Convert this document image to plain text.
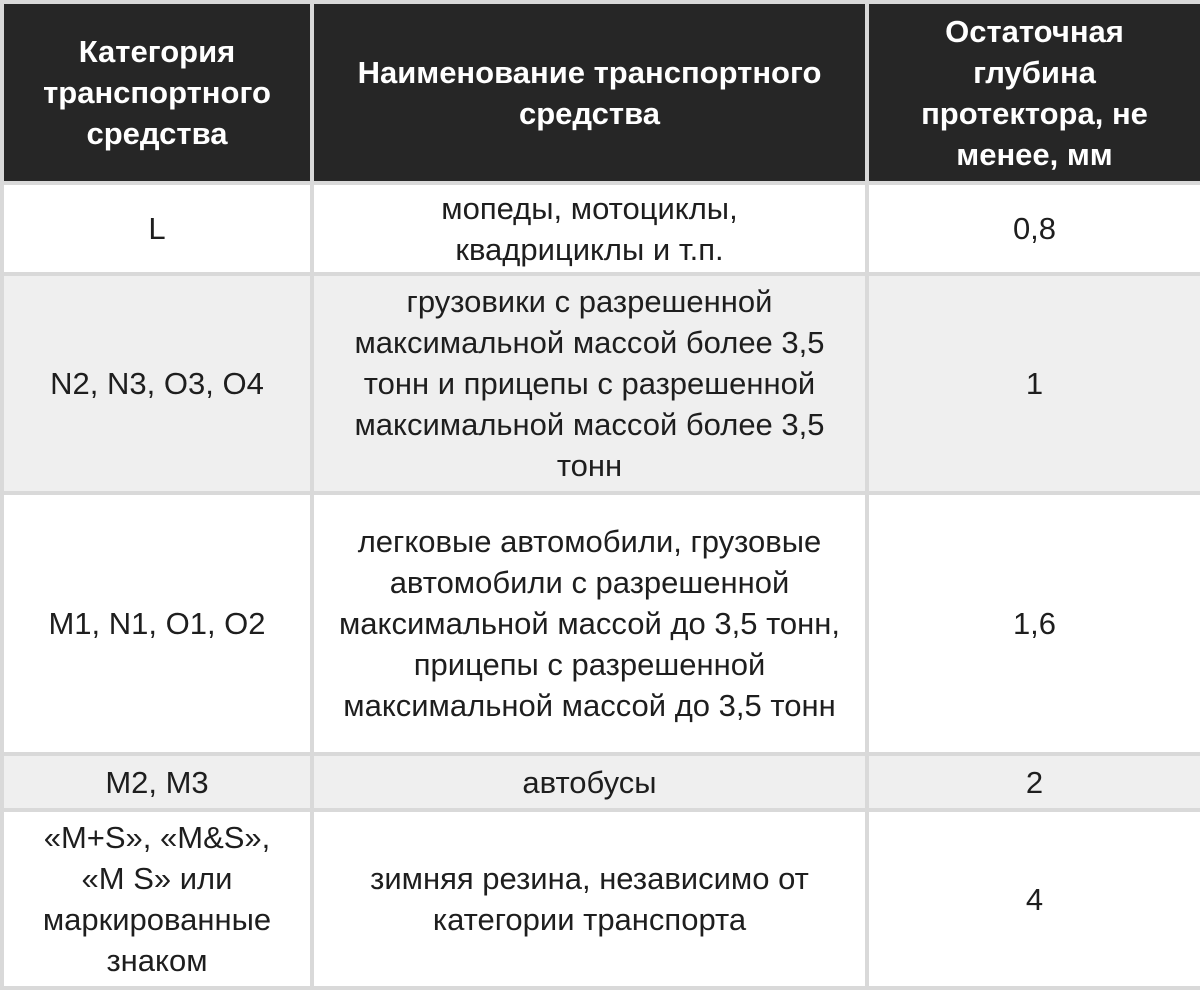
Категория транспортного средства	Наименование транспортного средства	Остаточная глубина протектора, не менее, мм
L	мопеды, мотоциклы, квадрициклы и т.п.	0,8
N2, N3, O3, O4	грузовики с разрешенной максимальной массой более 3,5 тонн и прицепы с разрешенной максимальной массой более 3,5 тонн	1
M1, N1, O1, O2	легковые автомобили, грузовые автомобили с разрешенной максимальной массой до 3,5 тонн, прицепы с разрешенной максимальной массой до 3,5 тонн	1,6
M2, M3	автобусы	2
«M+S», «M&S», «M S» или маркированные знаком	зимняя резина, независимо от категории транспорта	4
